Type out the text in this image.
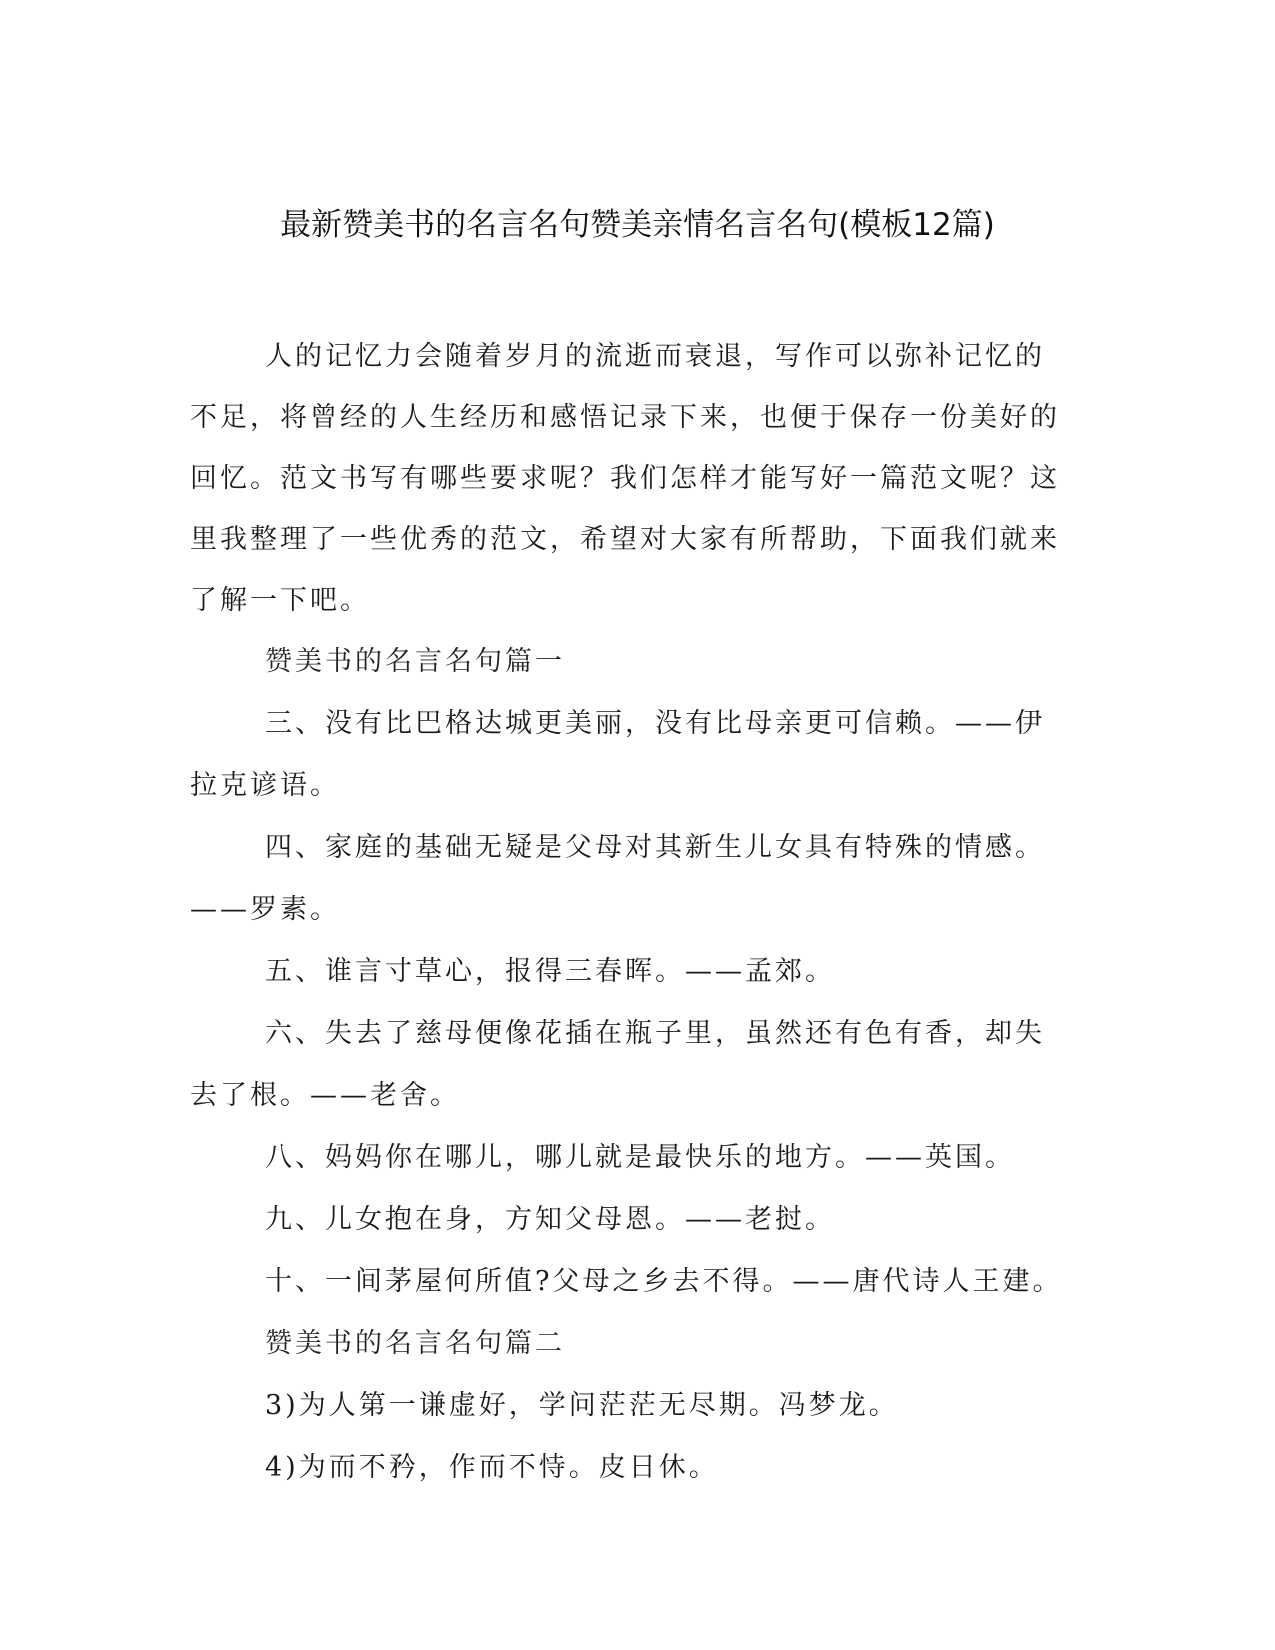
最新赞美书的名言名句赞美亲情名言名句(模板12篇)

人的记忆力会随着岁月的流逝而衰退，写作可以弥补记忆的不足，将曾经的人生经历和感悟记录下来，也便于保存一份美好的回忆。范文书写有哪些要求呢？我们怎样才能写好一篇范文呢？这里我整理了一些优秀的范文，希望对大家有所帮助，下面我们就来了解一下吧。

赞美书的名言名句篇一

三、没有比巴格达城更美丽，没有比母亲更可信赖。——伊拉克谚语。

四、家庭的基础无疑是父母对其新生儿女具有特殊的情感。——罗素。

五、谁言寸草心，报得三春晖。——孟郊。

六、失去了慈母便像花插在瓶子里，虽然还有色有香，却失去了根。——老舍。

八、妈妈你在哪儿，哪儿就是最快乐的地方。——英国。

九、儿女抱在身，方知父母恩。——老挝。

十、一间茅屋何所值?父母之乡去不得。——唐代诗人王建。

赞美书的名言名句篇二

3)为人第一谦虚好，学问茫茫无尽期。冯梦龙。

4)为而不矜，作而不恃。皮日休。
